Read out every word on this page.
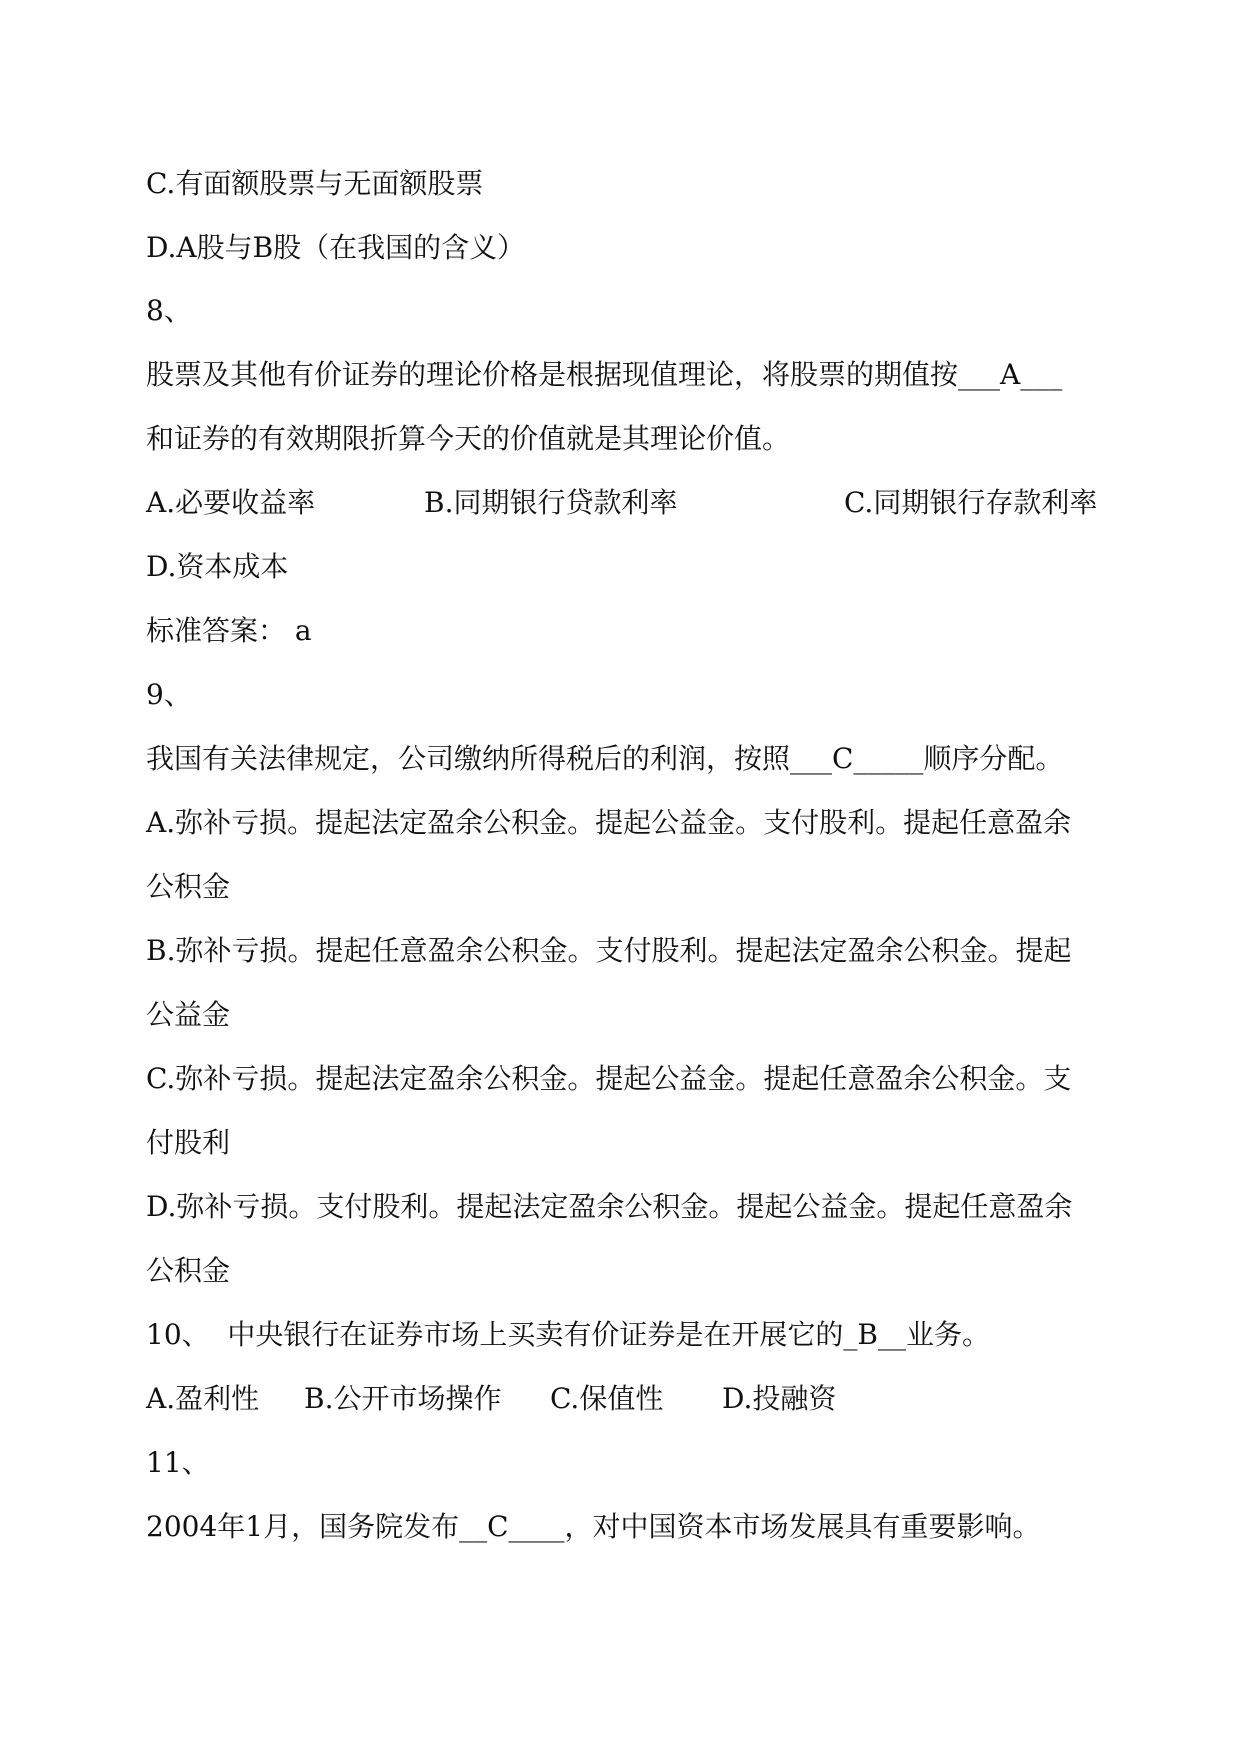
C.有面额股票与无面额股票
D.A股与B股（在我国的含义）
8、
股票及其他有价证券的理论价格是根据现值理论，将股票的期值按___A___
和证券的有效期限折算今天的价值就是其理论价值。
A.必要收益率	B.同期银行贷款利率	C.同期银行存款利率
D.资本成本
标准答案： a
9、
我国有关法律规定，公司缴纳所得税后的利润，按照___C_____顺序分配。
A.弥补亏损。提起法定盈余公积金。提起公益金。支付股利。提起任意盈余
公积金
B.弥补亏损。提起任意盈余公积金。支付股利。提起法定盈余公积金。提起
公益金
C.弥补亏损。提起法定盈余公积金。提起公益金。提起任意盈余公积金。支
付股利
D.弥补亏损。支付股利。提起法定盈余公积金。提起公益金。提起任意盈余
公积金
10、  中央银行在证券市场上买卖有价证券是在开展它的_B__业务。
A.盈利性 B.公开市场操作 C.保值性 D.投融资
11、
2004年1月，国务院发布__C____，对中国资本市场发展具有重要影响。
